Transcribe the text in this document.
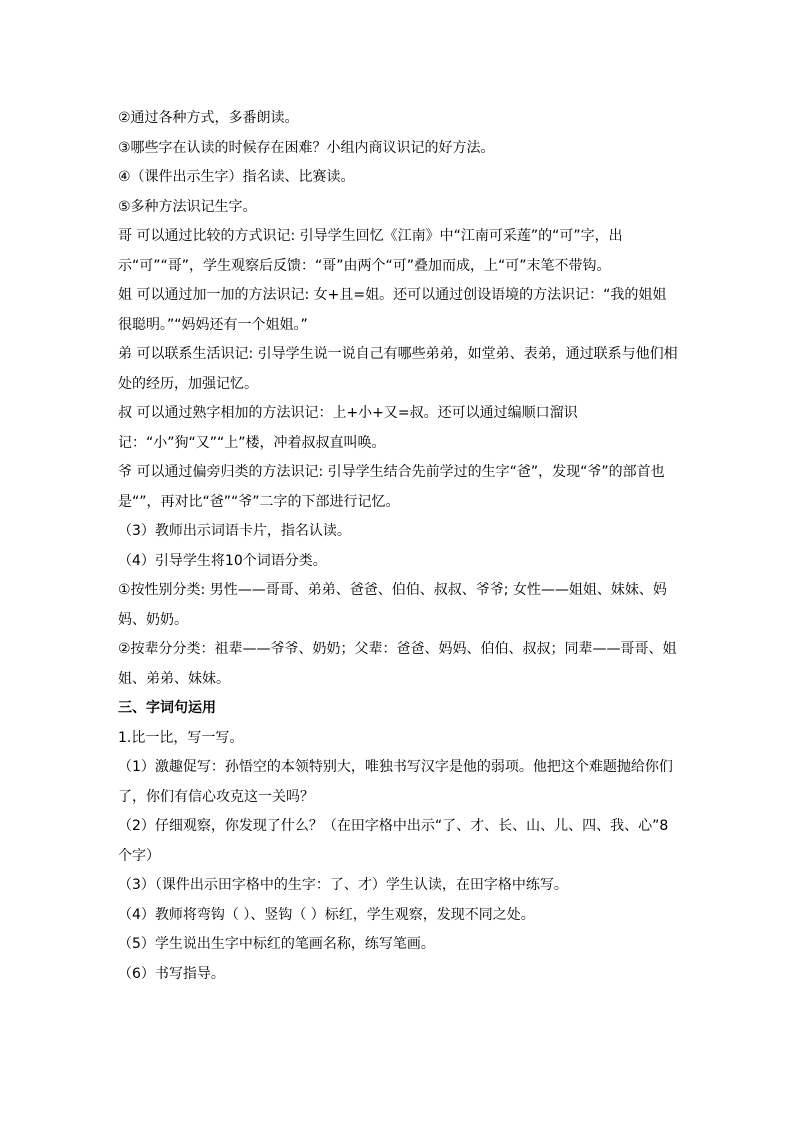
②通过各种方式，多番朗读。

③哪些字在认读的时候存在困难？小组内商议识记的好方法。

④（课件出示生字）指名读、比赛读。

⑤多种方法识记生字。

哥 可以通过比较的方式识记: 引导学生回忆《江南》中“江南可采莲”的“可”字，出示“可”“哥”，学生观察后反馈：“哥”由两个“可”叠加而成，上“可”末笔不带钩。

姐 可以通过加一加的方法识记: 女+且=姐。还可以通过创设语境的方法识记：“我的姐姐很聪明。”“妈妈还有一个姐姐。”

弟 可以联系生活识记: 引导学生说一说自己有哪些弟弟，如堂弟、表弟，通过联系与他们相处的经历，加强记忆。

叔 可以通过熟字相加的方法识记：上+小+又=叔。还可以通过编顺口溜识记：“小”狗“又”“上”楼，冲着叔叔直叫唤。

爷 可以通过偏旁归类的方法识记: 引导学生结合先前学过的生字“爸”，发现“爷”的部首也是“”，再对比“爸”“爷”二字的下部进行记忆。

（3）教师出示词语卡片，指名认读。

（4）引导学生将10个词语分类。

①按性别分类: 男性——哥哥、弟弟、爸爸、伯伯、叔叔、爷爷; 女性——姐姐、妹妹、妈妈、奶奶。

②按辈分分类：祖辈——爷爷、奶奶；父辈：爸爸、妈妈、伯伯、叔叔；同辈——哥哥、姐姐、弟弟、妹妹。

三、字词句运用

1.比一比，写一写。

（1）激趣促写：孙悟空的本领特别大，唯独书写汉字是他的弱项。他把这个难题抛给你们了，你们有信心攻克这一关吗？

（2）仔细观察，你发现了什么？（在田字格中出示“了、才、长、山、儿、四、我、心”8个字）

（3）（课件出示田字格中的生字：了、才）学生认读，在田字格中练写。

（4）教师将弯钩（ ）、竖钩（ ）标红，学生观察，发现不同之处。

（5）学生说出生字中标红的笔画名称，练写笔画。

（6）书写指导。
